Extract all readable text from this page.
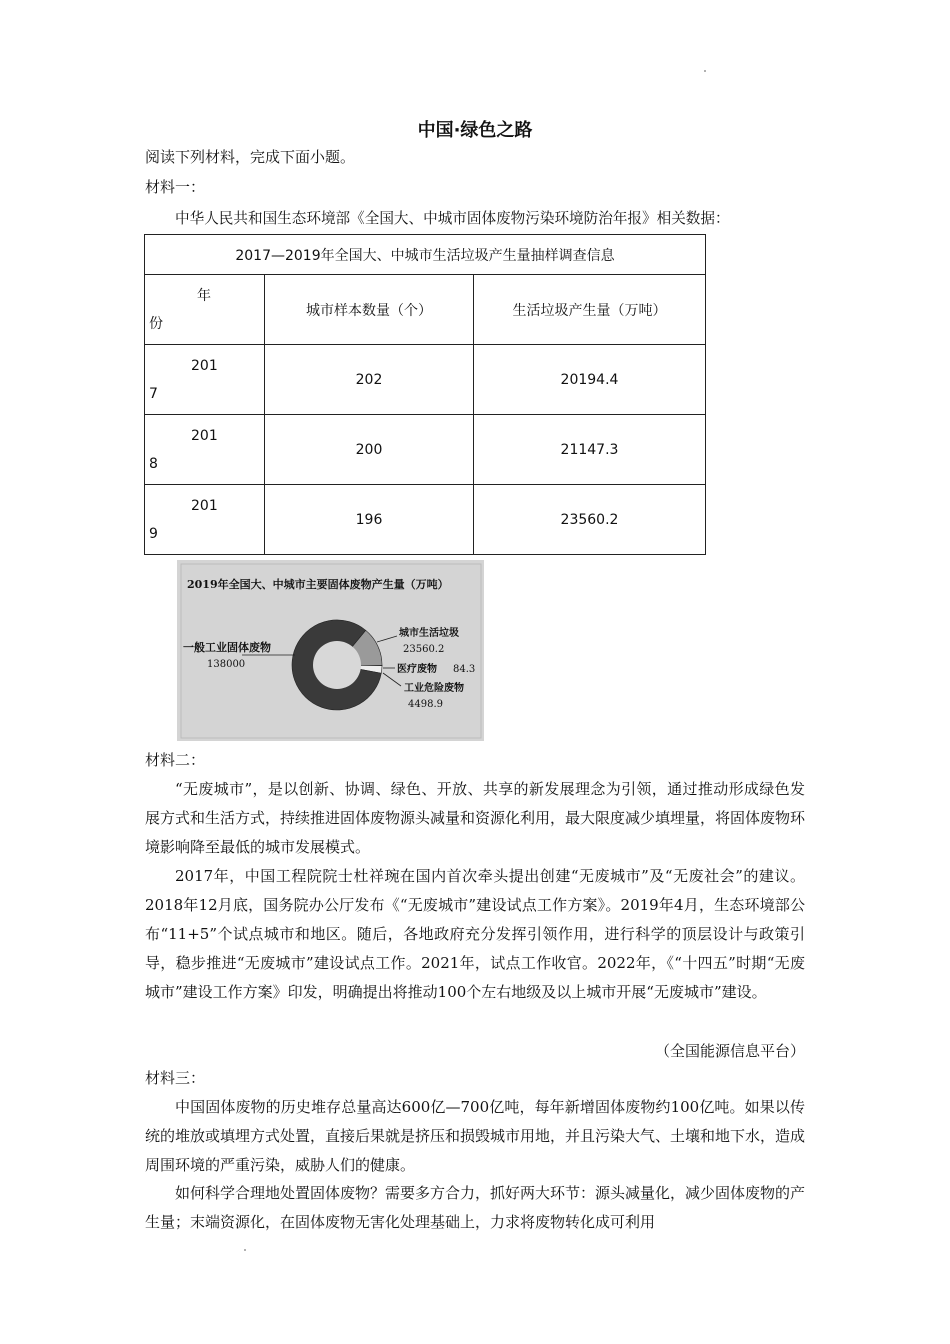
中国·绿色之路
阅读下列材料，完成下面小题。
材料一：
中华人民共和国生态环境部《全国大、中城市固体废物污染环境防治年报》相关数据：
2017—2019年全国大、中城市生活垃圾产生量抽样调查信息		

年
份	城市样本数量（个）	生活垃圾产生量（万吨）

201
7	202	20194.4

201
8	200	21147.3

201
9	196	23560.2
2019年全国大、中城市主要固体废物产生量（万吨）
一般工业固体废物
138000
城市生活垃圾
23560.2
医疗废物 84.3
工业危险废物
4498.9
材料二：
“无废城市”，是以创新、协调、绿色、开放、共享的新发展理念为引领，通过推动形成绿色发展方式和生活方式，持续推进固体废物源头减量和资源化利用，最大限度减少填埋量，将固体废物环境影响降至最低的城市发展模式。
2017年，中国工程院院士杜祥琬在国内首次牵头提出创建“无废城市”及“无废社会”的建议。2018年12月底，国务院办公厅发布《“无废城市”建设试点工作方案》。2019年4月，生态环境部公布“11+5”个试点城市和地区。随后，各地政府充分发挥引领作用，进行科学的顶层设计与政策引导，稳步推进“无废城市”建设试点工作。2021年，试点工作收官。2022年，《“十四五”时期“无废城市”建设工作方案》印发，明确提出将推动100个左右地级及以上城市开展“无废城市”建设。
（全国能源信息平台）
材料三：
中国固体废物的历史堆存总量高达600亿—700亿吨，每年新增固体废物约100亿吨。如果以传统的堆放或填埋方式处置，直接后果就是挤压和损毁城市用地，并且污染大气、土壤和地下水，造成周围环境的严重污染，威胁人们的健康。
如何科学合理地处置固体废物？需要多方合力，抓好两大环节：源头减量化，减少固体废物的产生量；末端资源化，在固体废物无害化处理基础上，力求将废物转化成可利用
